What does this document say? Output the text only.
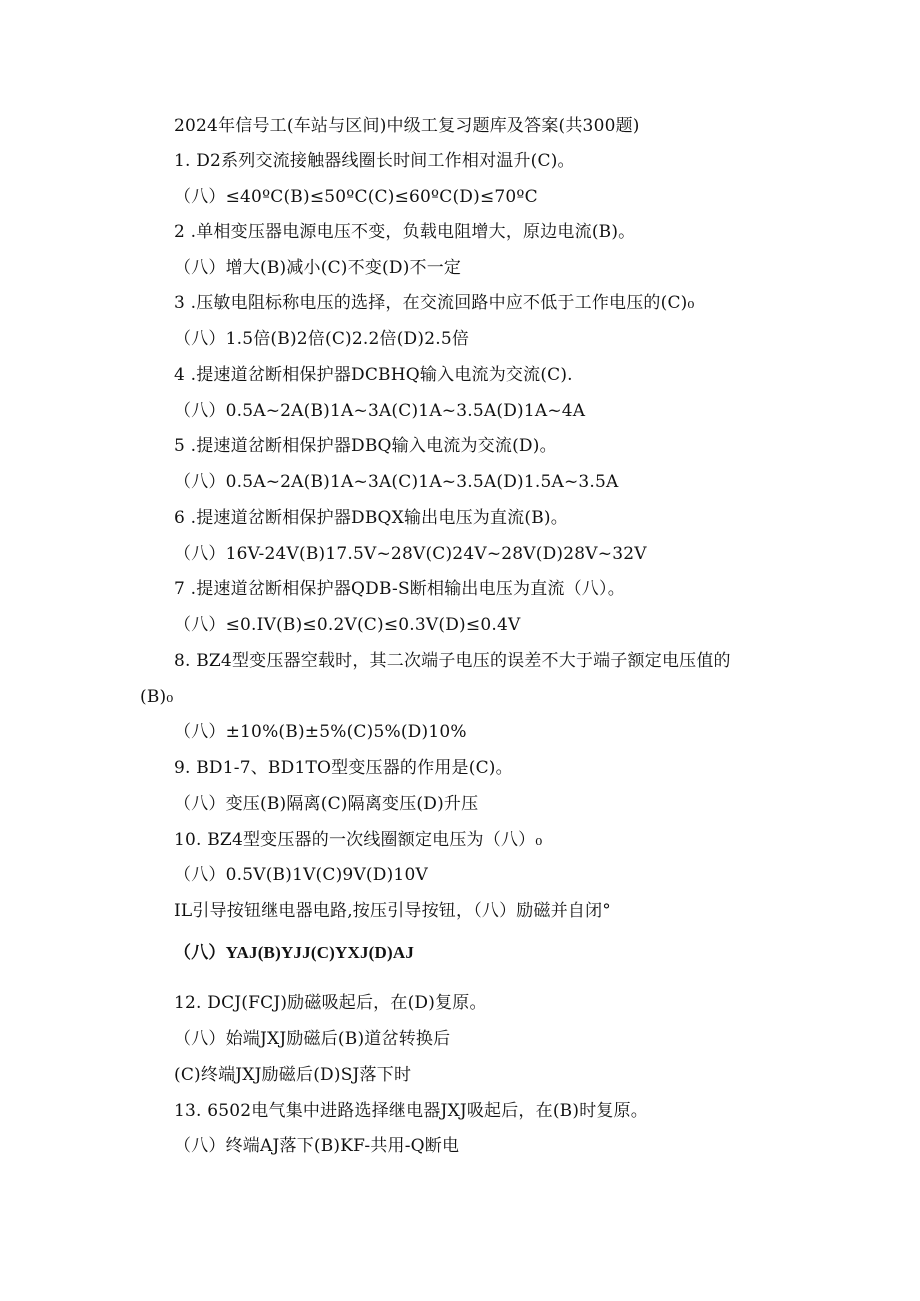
2024年信号工(车站与区间)中级工复习题库及答案(共300题)
1. D2系列交流接触器线圈长时间工作相对温升(C)。
（八）≤40ºC(B)≤50ºC(C)≤60ºC(D)≤70ºC
2 .单相变压器电源电压不变，负载电阻增大，原边电流(B)。
（八）增大(B)减小(C)不变(D)不一定
3 .压敏电阻标称电压的选择，在交流回路中应不低于工作电压的(C)₀
（八）1.5倍(B)2倍(C)2.2倍(D)2.5倍
4 .提速道岔断相保护器DCBHQ输入电流为交流(C).
（八）0.5A~2A(B)1A~3A(C)1A~3.5A(D)1A~4A
5 .提速道岔断相保护器DBQ输入电流为交流(D)。
（八）0.5A~2A(B)1A~3A(C)1A~3.5A(D)1.5A~3.5A
6 .提速道岔断相保护器DBQX输出电压为直流(B)。
（八）16V-24V(B)17.5V~28V(C)24V~28V(D)28V~32V
7 .提速道岔断相保护器QDB-S断相输出电压为直流（八）。
（八）≤0.IV(B)≤0.2V(C)≤0.3V(D)≤0.4V
8. BZ4型变压器空载时，其二次端子电压的误差不大于端子额定电压值的
(B)₀
（八）±10%(B)±5%(C)5%(D)10%
9. BD1-7、BD1TO型变压器的作用是(C)。
（八）变压(B)隔离(C)隔离变压(D)升压
10. BZ4型变压器的一次线圈额定电压为（八）₀
（八）0.5V(B)1V(C)9V(D)10V
IL引导按钮继电器电路,按压引导按钮，（八）励磁并自闭°
（八）YAJ(B)YJJ(C)YXJ(D)AJ
12. DCJ(FCJ)励磁吸起后，在(D)复原。
（八）始端JXJ励磁后(B)道岔转换后
(C)终端JXJ励磁后(D)SJ落下时
13. 6502电气集中进路选择继电器JXJ吸起后，在(B)时复原。
（八）终端AJ落下(B)KF-共用-Q断电
